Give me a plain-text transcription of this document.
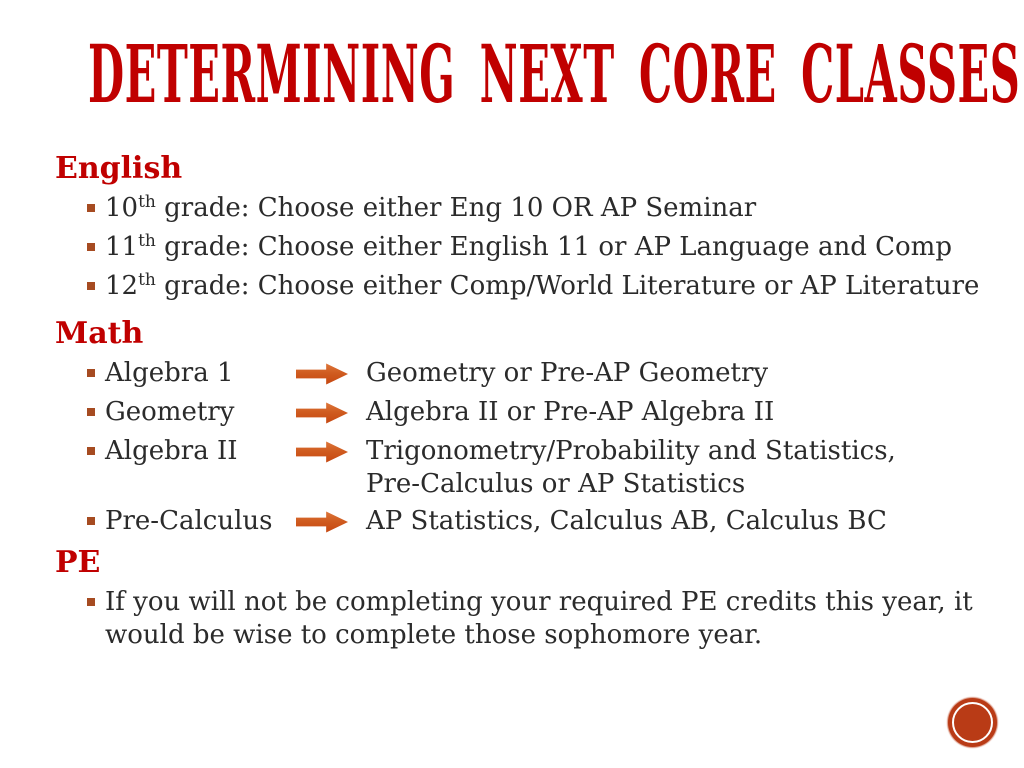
DETERMINING NEXT CORE CLASSES
English
10th grade: Choose either Eng 10 OR AP Seminar
11th grade: Choose either English 11 or AP Language and Comp
12th grade: Choose either Comp/World Literature or AP Literature
Math
Algebra 1	Geometry or Pre-AP Geometry
Geometry	Algebra II or Pre-AP Algebra II
Algebra II	Trigonometry/Probability and Statistics,
Pre-Calculus or AP Statistics
Pre-Calculus	AP Statistics, Calculus AB, Calculus BC
PE
If you will not be completing your required PE credits this year, it
would be wise to complete those sophomore year.
